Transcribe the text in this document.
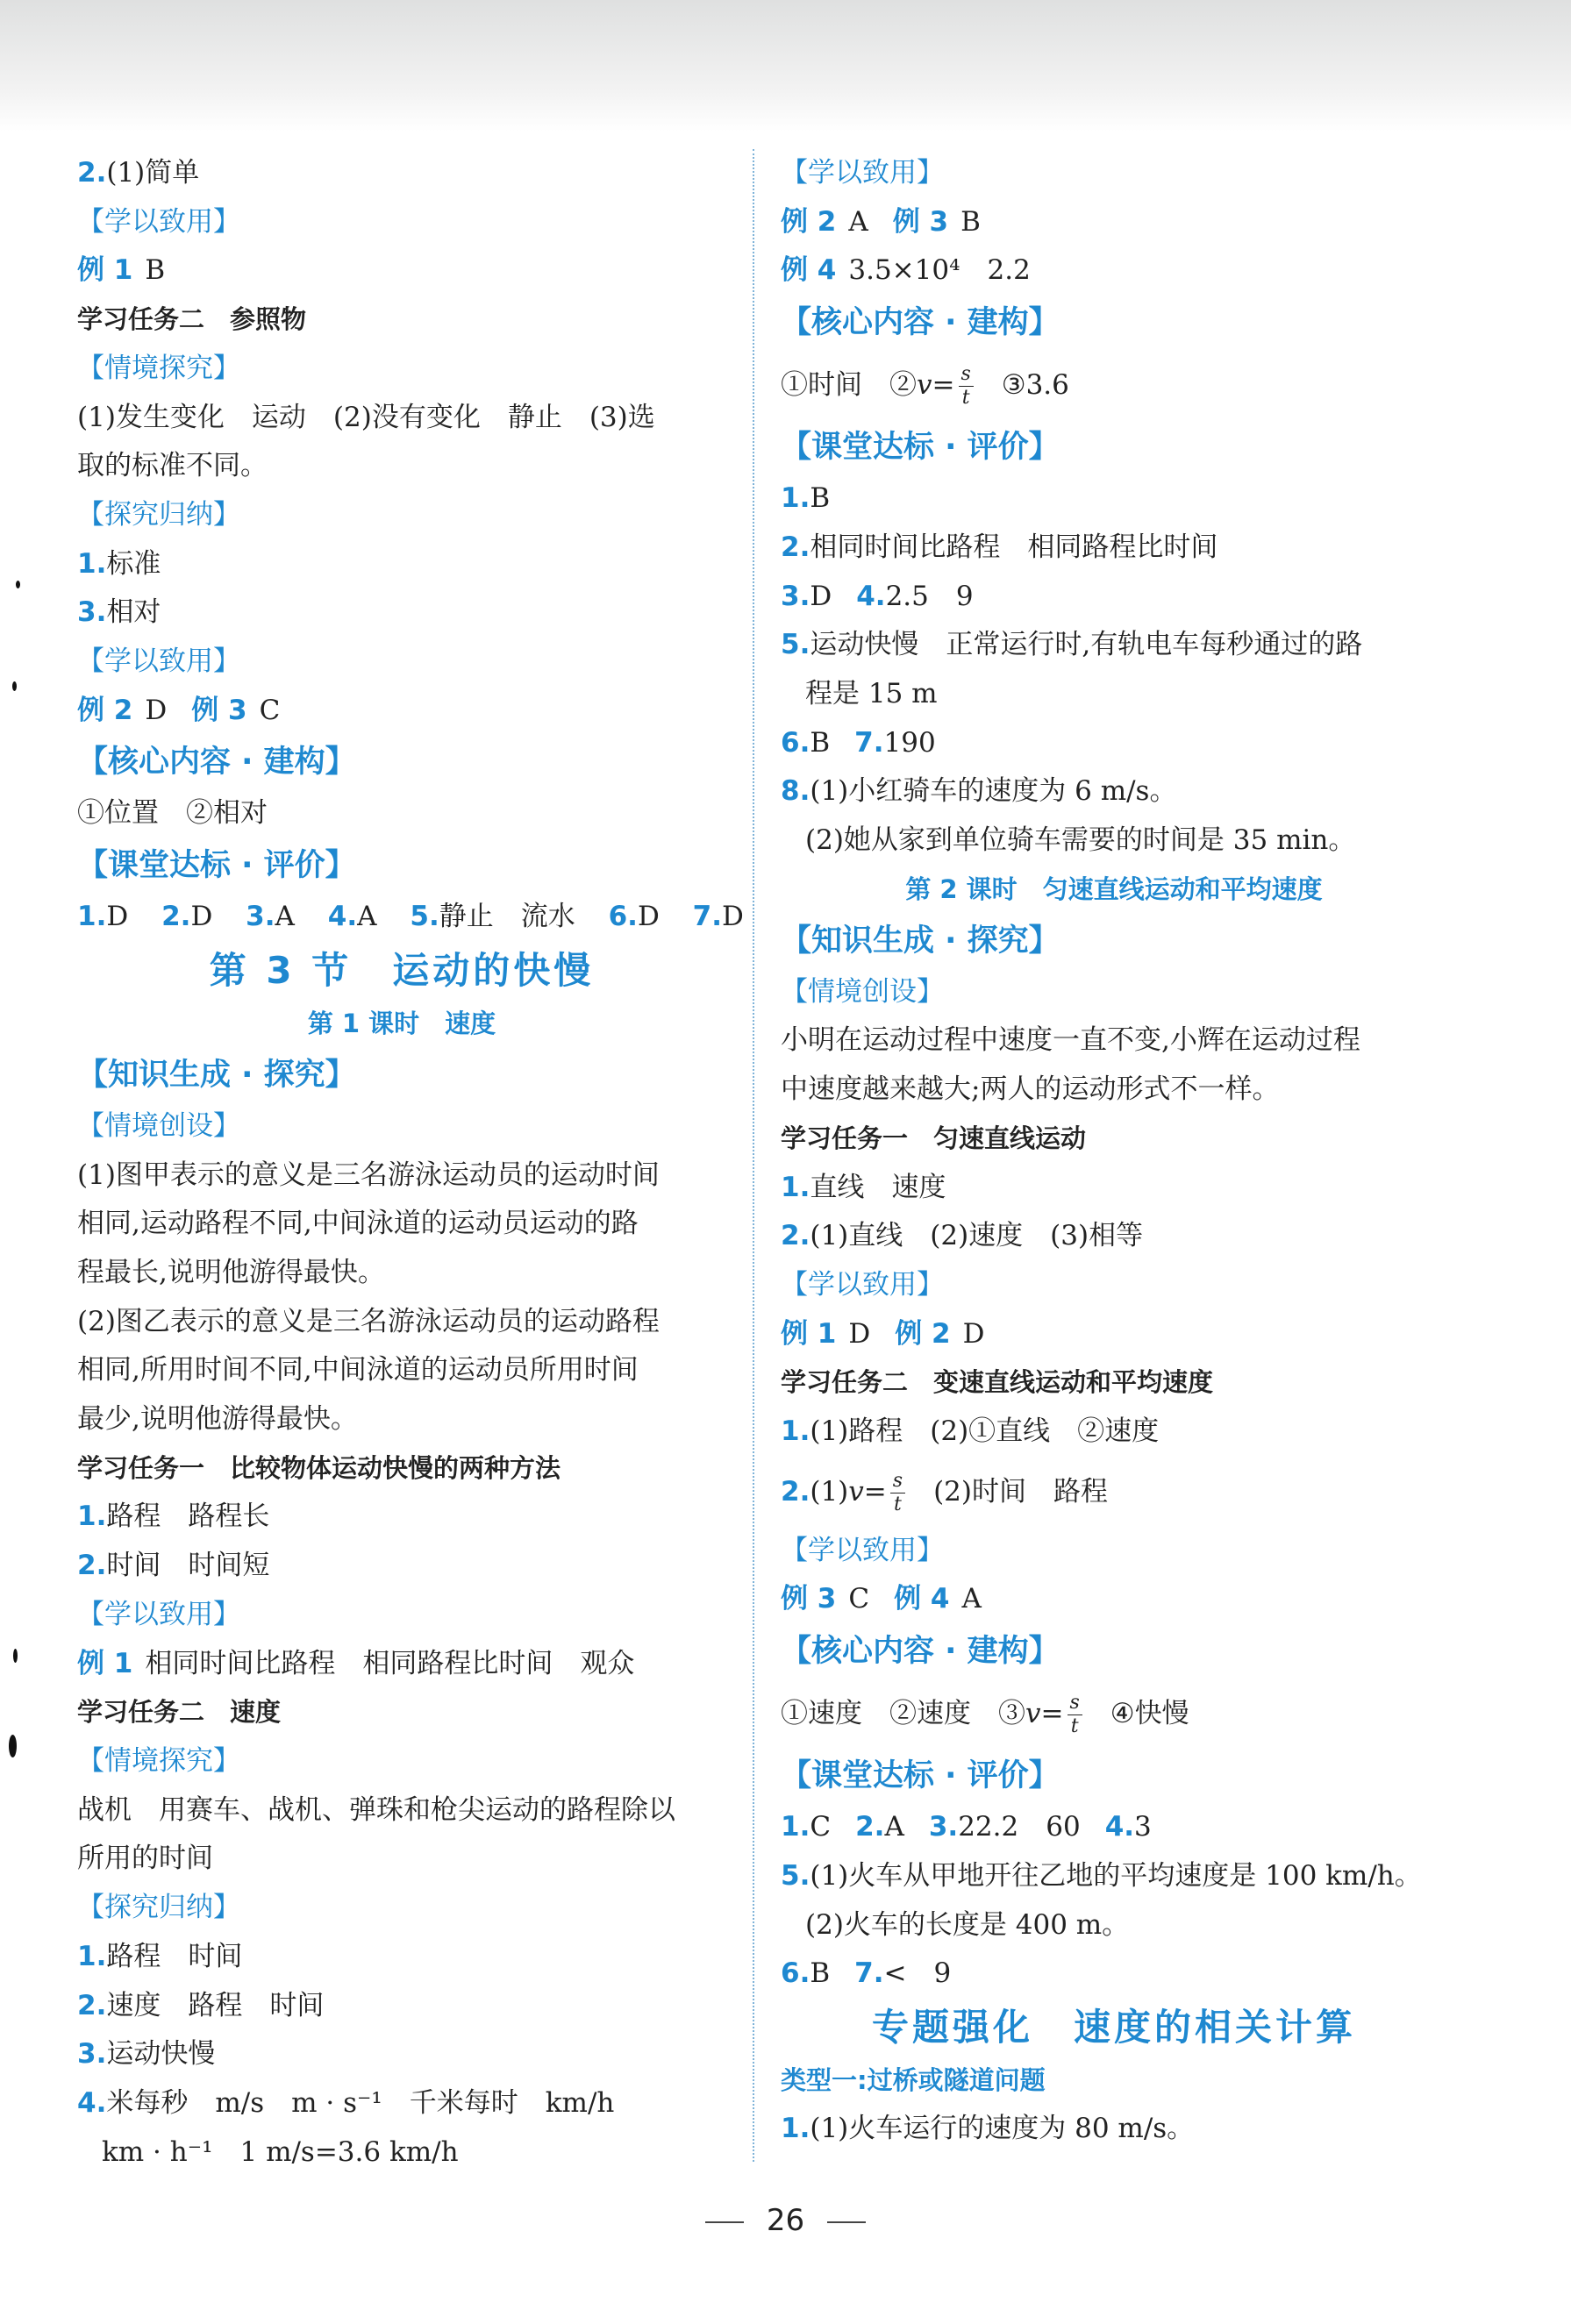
2.(1)简单
【学以致用】
例 1 B
学习任务二　参照物
【情境探究】
(1)发生变化　运动　(2)没有变化　静止　(3)选
取的标准不同。
【探究归纳】
1.标准
3.相对
【学以致用】
例 2 D 例 3 C
【核心内容 · 建构】
①位置　②相对
【课堂达标 · 评价】
1.D 2.D 3.A 4.A 5.静止　流水 6.D 7.D
第 3 节　运动的快慢
第 1 课时　速度
【知识生成 · 探究】
【情境创设】
(1)图甲表示的意义是三名游泳运动员的运动时间
相同,运动路程不同,中间泳道的运动员运动的路
程最长,说明他游得最快。
(2)图乙表示的意义是三名游泳运动员的运动路程
相同,所用时间不同,中间泳道的运动员所用时间
最少,说明他游得最快。
学习任务一　比较物体运动快慢的两种方法
1.路程　路程长
2.时间　时间短
【学以致用】
例 1 相同时间比路程　相同路程比时间　观众
学习任务二　速度
【情境探究】
战机　用赛车、战机、弹珠和枪尖运动的路程除以
所用的时间
【探究归纳】
1.路程　时间
2.速度　路程　时间
3.运动快慢
4.米每秒　m/s　m · s⁻¹　千米每时　km/h
km · h⁻¹　1 m/s=3.6 km/h
【学以致用】
例 2 A 例 3 B
例 4 3.5×10⁴　2.2
【核心内容 · 建构】
①时间　②v= $\frac{s}{t}$ ③3.6
【课堂达标 · 评价】
1.B
2.相同时间比路程　相同路程比时间
3.D 4.2.5　9
5.运动快慢　正常运行时,有轨电车每秒通过的路
程是 15 m
6.B 7.190
8.(1)小红骑车的速度为 6 m/s。
(2)她从家到单位骑车需要的时间是 35 min。
第 2 课时　匀速直线运动和平均速度
【知识生成 · 探究】
【情境创设】
小明在运动过程中速度一直不变,小辉在运动过程
中速度越来越大;两人的运动形式不一样。
学习任务一　匀速直线运动
1.直线　速度
2.(1)直线　(2)速度　(3)相等
【学以致用】
例 1 D 例 2 D
学习任务二　变速直线运动和平均速度
1.(1)路程　(2)①直线　②速度
$2.(1)v= \frac{s}{t} (2)$时间　路程
【学以致用】
例 3 C 例 4 A
【核心内容 · 建构】
①速度　②速度　③v= $\frac{s}{t}$ ④快慢
【课堂达标 · 评价】
1.C 2.A 3.22.2　60 4.3
5.(1)火车从甲地开往乙地的平均速度是 100 km/h。
(2)火车的长度是 400 m。
6.B 7.<　9
专题强化　速度的相关计算
类型一:过桥或隧道问题
1.(1)火车运行的速度为 80 m/s。
26
